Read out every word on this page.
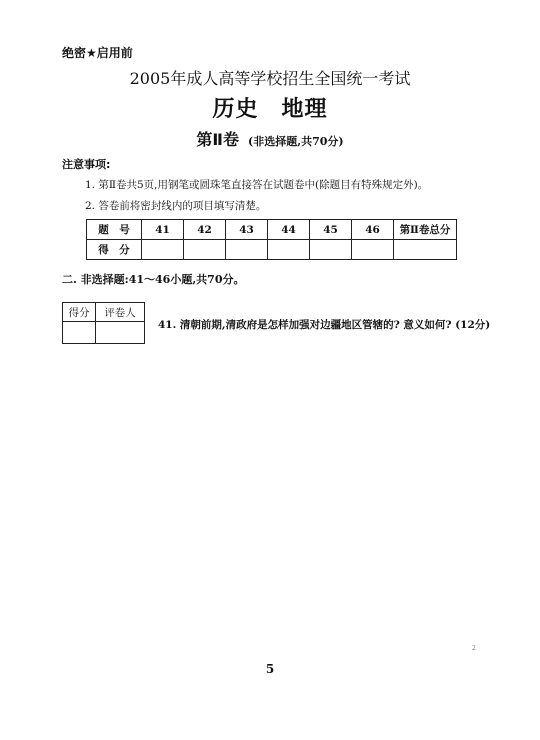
绝密★启用前
2005年成人高等学校招生全国统一考试
历史　地理
第Ⅱ卷 (非选择题,共70分)
注意事项:
1. 第Ⅱ卷共5页,用钢笔或圆珠笔直接答在试题卷中(除题目有特殊规定外)。
2. 答卷前将密封线内的项目填写清楚。
题　号	41	42	43	44	45	46	第Ⅱ卷总分
得　分							
二. 非选择题:41～46小题,共70分。
得分	评卷人

41. 清朝前期,清政府是怎样加强对边疆地区管辖的? 意义如何? (12分)
2
5
